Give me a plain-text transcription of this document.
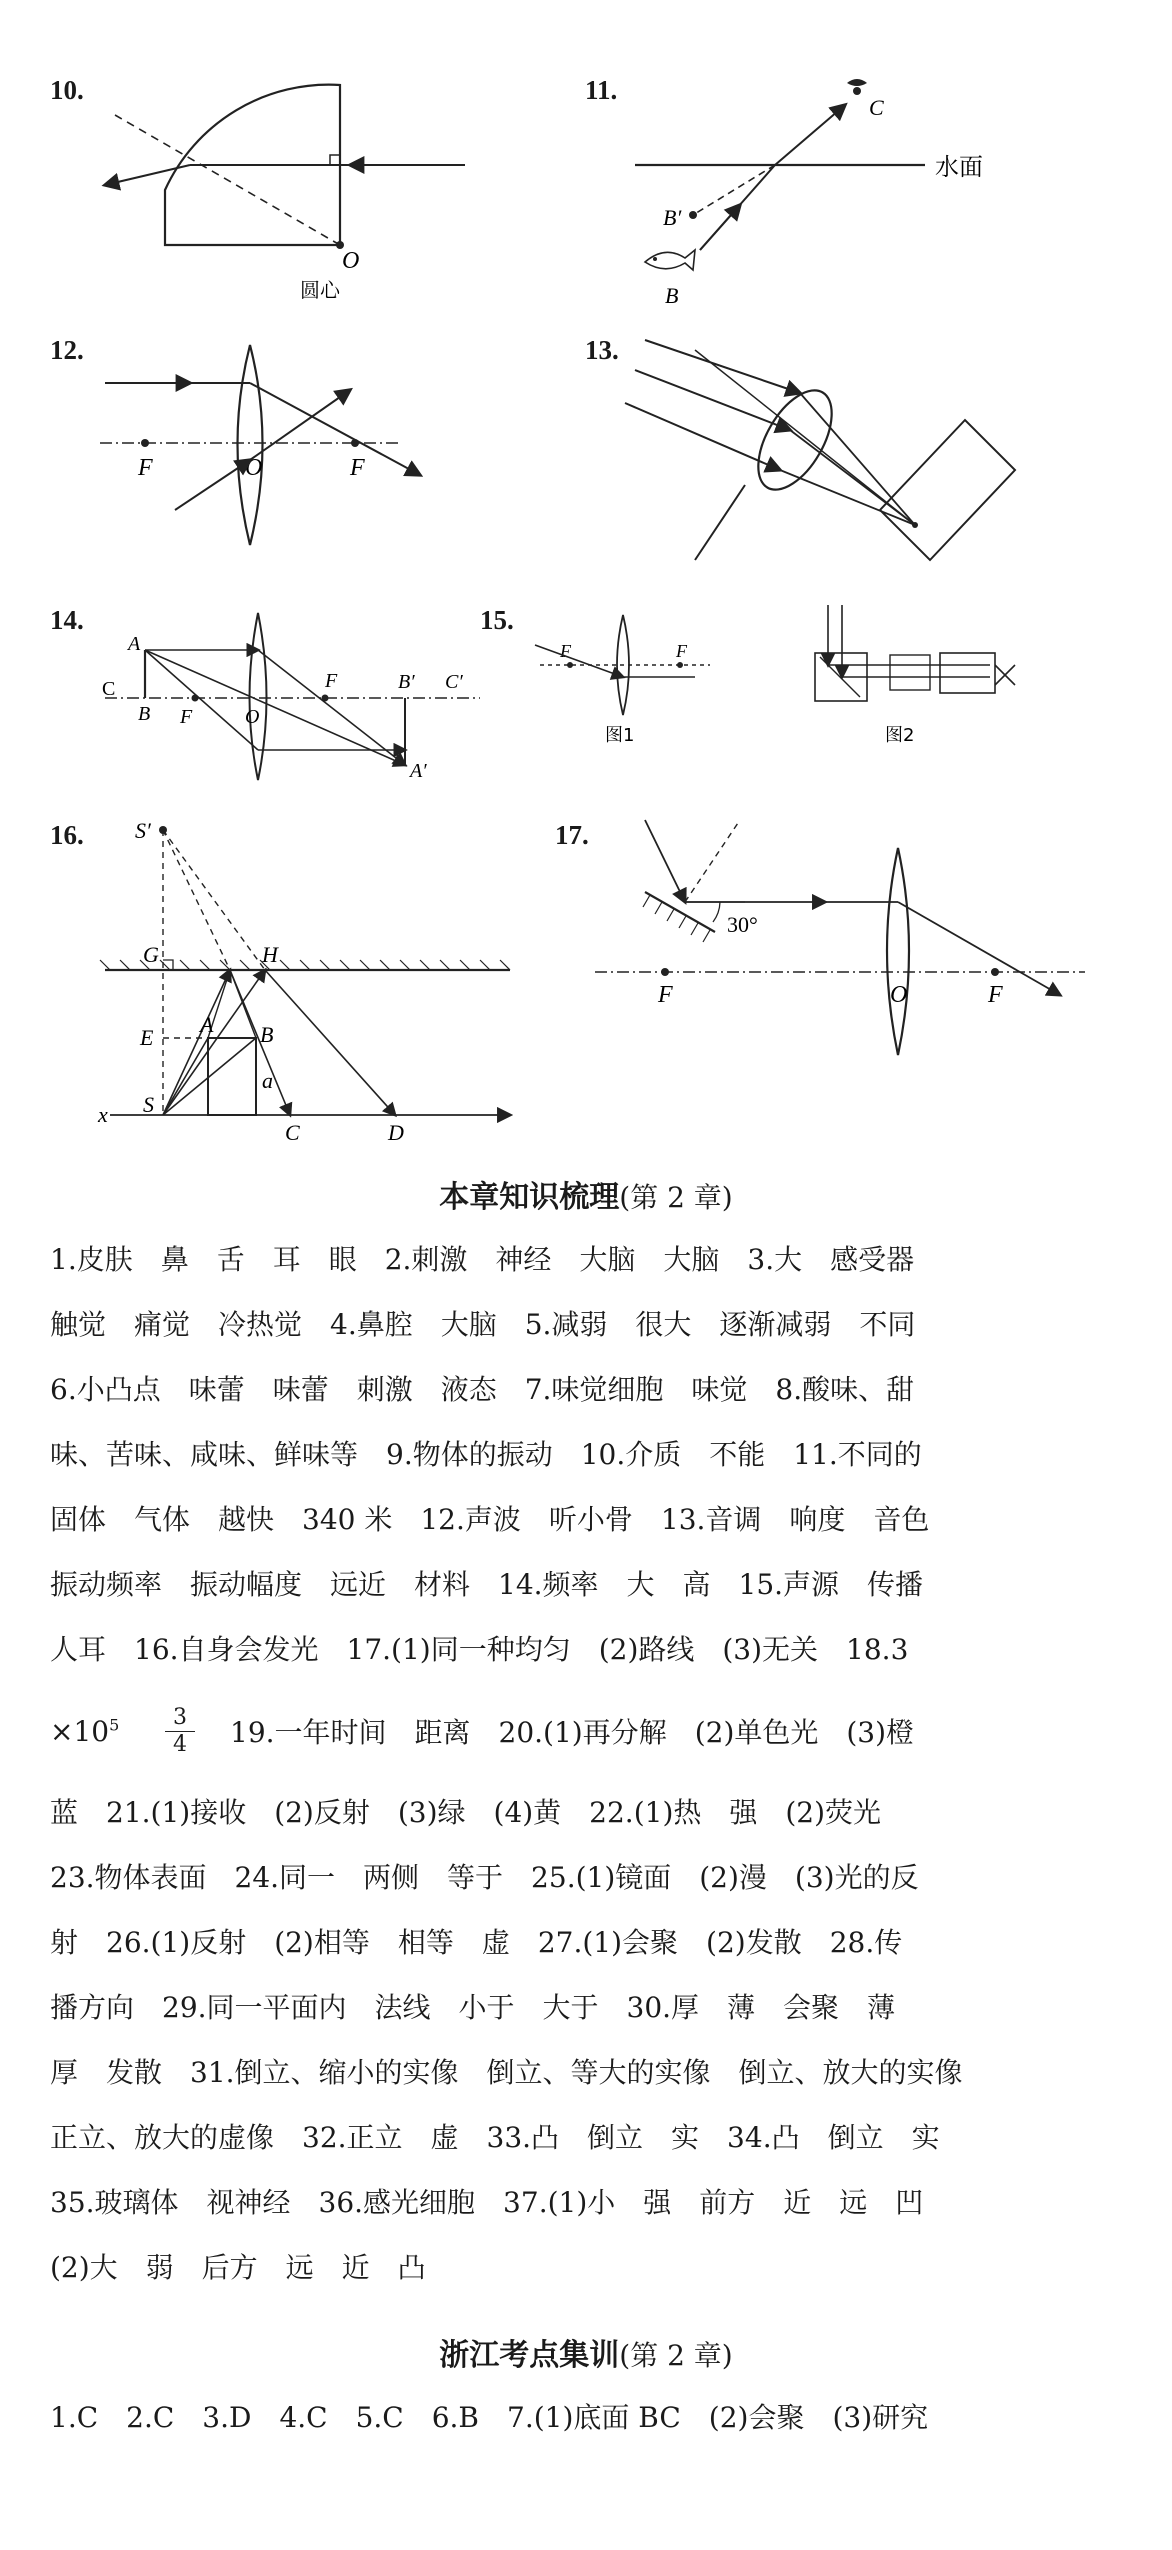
10.
O
圆心
11.
水面
C
B′
B
12.
F	O	F
13.
14.
A
C
B F	O
F	B′ C′
A′
15.
F	F
图1	图2
16. S′
G	H
E
A B
a
S
x
C	D
17.
30°
F	O	F
本章知识梳理(第 2 章)
1.皮肤　鼻　舌　耳　眼　2.刺激　神经　大脑　大脑　3.大　感受器
触觉　痛觉　冷热觉　4.鼻腔　大脑　5.减弱　很大　逐渐减弱　不同
6.小凸点　味蕾　味蕾　刺激　液态　7.味觉细胞　味觉　8.酸味、甜
味、苦味、咸味、鲜味等　9.物体的振动　10.介质　不能　11.不同的
固体　气体　越快　340 米　12.声波　听小骨　13.音调　响度　音色
振动频率　振动幅度　远近　材料　14.频率　大　高　15.声源　传播
人耳　16.自身会发光　17.(1)同一种均匀　(2)路线　(3)无关　18.3
$\times 10^5$	3
4 19.一年时间　距离　20.(1)再分解　(2)单色光　(3)橙
蓝　21.(1)接收　(2)反射　(3)绿　(4)黄　22.(1)热　强　(2)荧光
23.物体表面　24.同一　两侧　等于　25.(1)镜面　(2)漫　(3)光的反
射　26.(1)反射　(2)相等　相等　虚　27.(1)会聚　(2)发散　28.传
播方向　29.同一平面内　法线　小于　大于　30.厚　薄　会聚　薄
厚　发散　31.倒立、缩小的实像　倒立、等大的实像　倒立、放大的实像
正立、放大的虚像　32.正立　虚　33.凸　倒立　实　34.凸　倒立　实
35.玻璃体　视神经　36.感光细胞　37.(1)小　强　前方　近　远　凹
(2)大　弱　后方　远　近　凸
浙江考点集训(第 2 章)
1.C　2.C　3.D　4.C　5.C　6.B　7.(1)底面 BC　(2)会聚　(3)研究
